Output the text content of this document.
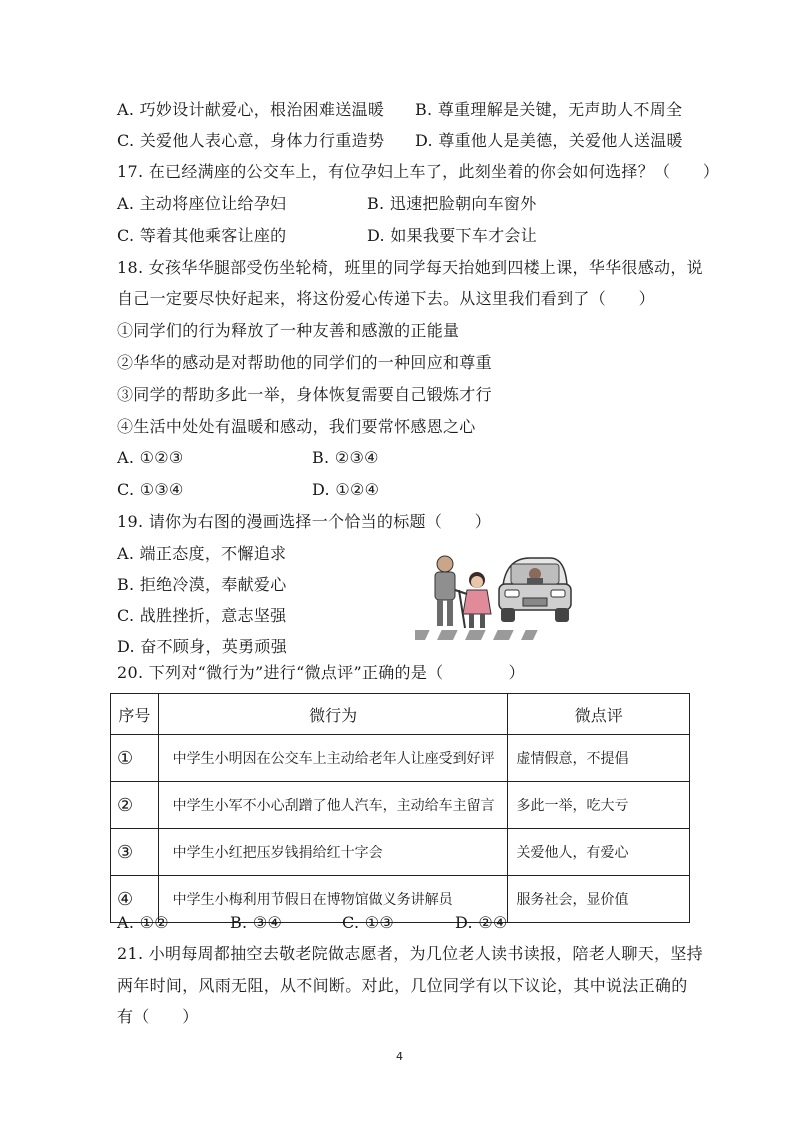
A. 巧妙设计献爱心，根治困难送温暖 B. 尊重理解是关键，无声助人不周全
C. 关爱他人表心意，身体力行重造势 D. 尊重他人是美德，关爱他人送温暖
17. 在已经满座的公交车上，有位孕妇上车了，此刻坐着的你会如何选择？（　　）
A. 主动将座位让给孕妇	B. 迅速把脸朝向车窗外
C. 等着其他乘客让座的	D. 如果我要下车才会让
18. 女孩华华腿部受伤坐轮椅，班里的同学每天抬她到四楼上课，华华很感动，说
自己一定要尽快好起来，将这份爱心传递下去。从这里我们看到了（　　）
①同学们的行为释放了一种友善和感激的正能量
②华华的感动是对帮助他的同学们的一种回应和尊重
③同学的帮助多此一举，身体恢复需要自己锻炼才行
④生活中处处有温暖和感动，我们要常怀感恩之心
A. ①②③	B. ②③④
C. ①③④	D. ①②④
19. 请你为右图的漫画选择一个恰当的标题（　　）
A. 端正态度，不懈追求
B. 拒绝冷漠，奉献爱心
C. 战胜挫折，意志坚强
D. 奋不顾身，英勇顽强
20. 下列对“微行为”进行“微点评”正确的是（　　　　）
序号	微行为	微点评
①	中学生小明因在公交车上主动给老年人让座受到好评	虚情假意，不提倡
②	中学生小军不小心刮蹭了他人汽车，主动给车主留言	多此一举，吃大亏
③	中学生小红把压岁钱捐给红十字会	关爱他人，有爱心
④	中学生小梅利用节假日在博物馆做义务讲解员	服务社会，显价值
A. ①②	B. ③④	C. ①③	D. ②④
21. 小明每周都抽空去敬老院做志愿者，为几位老人读书读报，陪老人聊天，坚持
两年时间，风雨无阻，从不间断。对此，几位同学有以下议论，其中说法正确的
有（　　）
4
